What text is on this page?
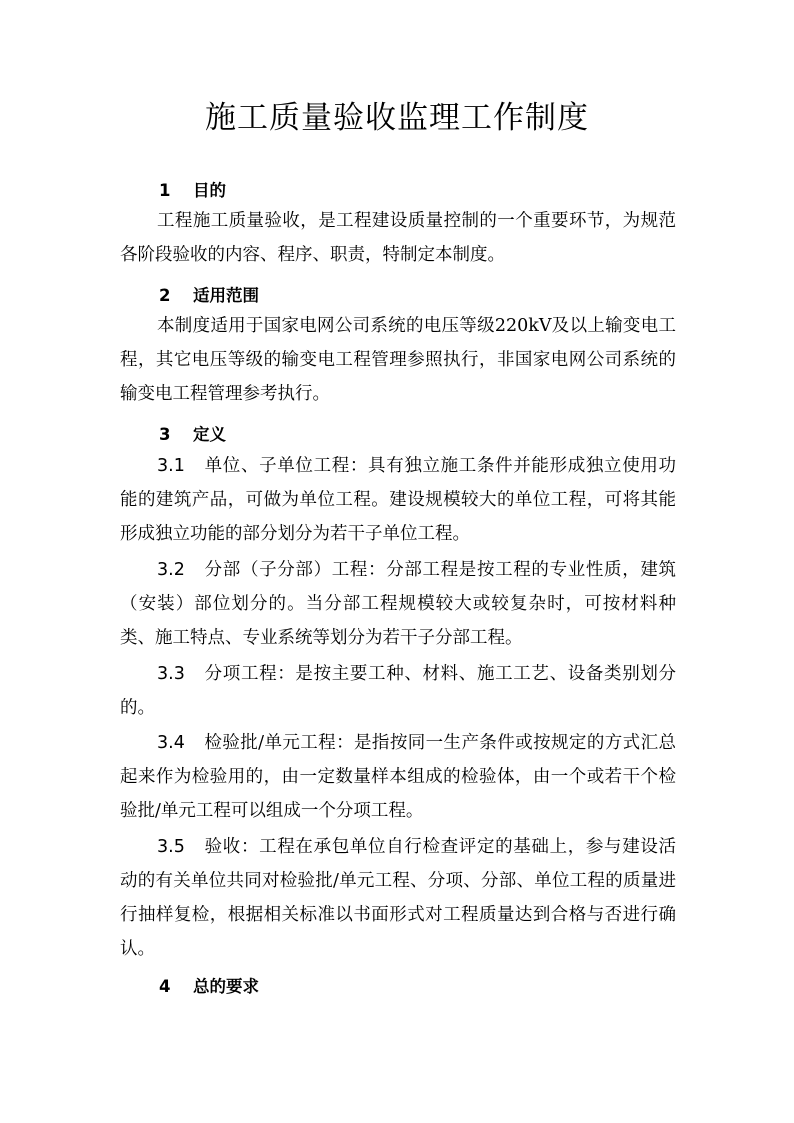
施工质量验收监理工作制度
1 目的
工程施工质量验收，是工程建设质量控制的一个重要环节，为规范各阶段验收的内容、程序、职责，特制定本制度。
2 适用范围
本制度适用于国家电网公司系统的电压等级220kV及以上输变电工程，其它电压等级的输变电工程管理参照执行，非国家电网公司系统的输变电工程管理参考执行。
3 定义
3.1 单位、子单位工程：具有独立施工条件并能形成独立使用功能的建筑产品，可做为单位工程。建设规模较大的单位工程，可将其能形成独立功能的部分划分为若干子单位工程。
3.2 分部（子分部）工程：分部工程是按工程的专业性质，建筑（安装）部位划分的。当分部工程规模较大或较复杂时，可按材料种类、施工特点、专业系统等划分为若干子分部工程。
3.3 分项工程：是按主要工种、材料、施工工艺、设备类别划分的。
3.4 检验批/单元工程：是指按同一生产条件或按规定的方式汇总起来作为检验用的，由一定数量样本组成的检验体，由一个或若干个检验批/单元工程可以组成一个分项工程。
3.5 验收：工程在承包单位自行检查评定的基础上，参与建设活动的有关单位共同对检验批/单元工程、分项、分部、单位工程的质量进行抽样复检，根据相关标准以书面形式对工程质量达到合格与否进行确认。
4 总的要求
